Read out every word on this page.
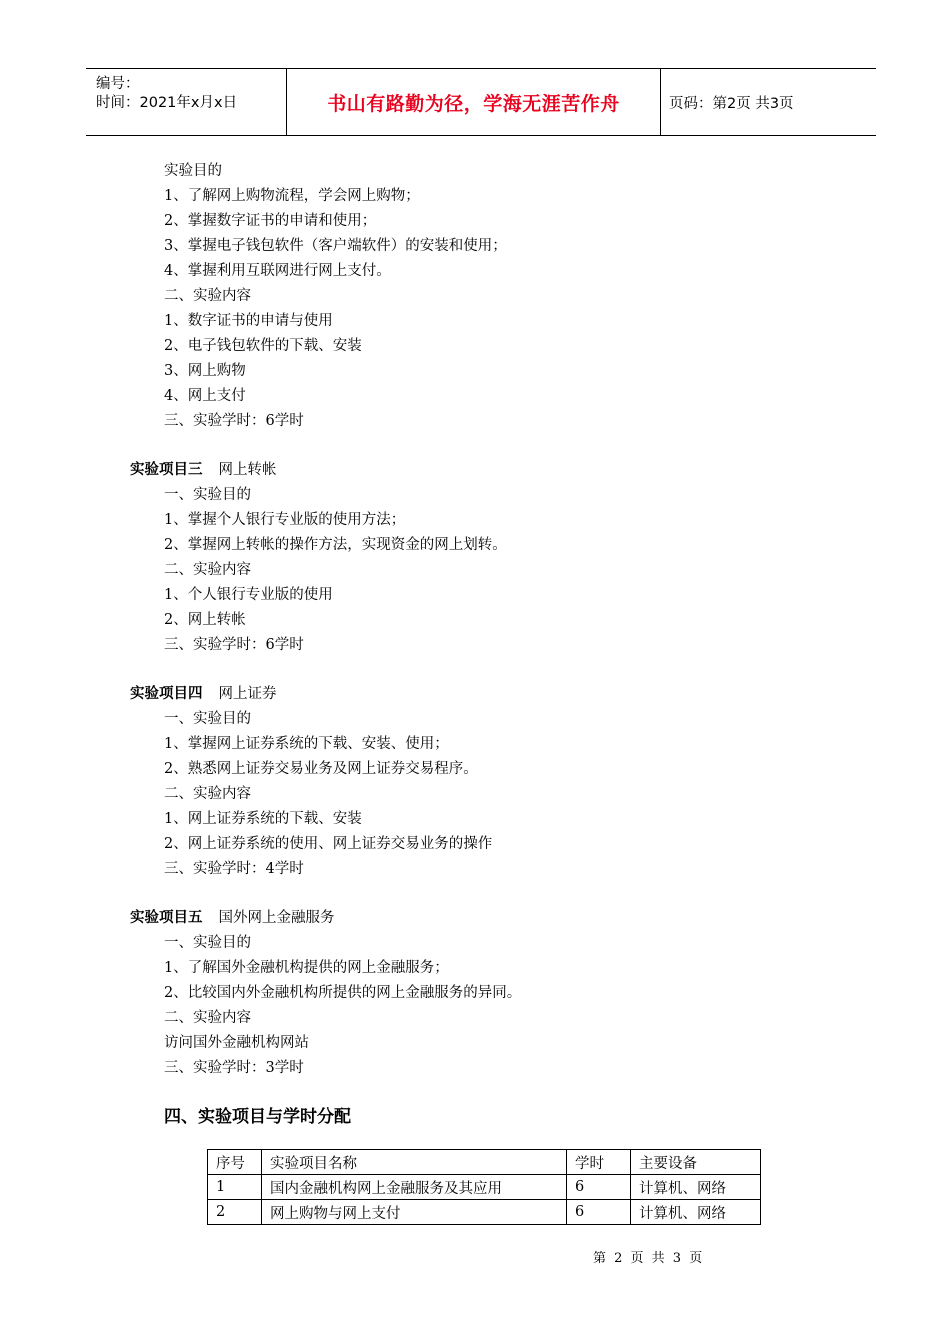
编号：
时间：2021年x月x日	书山有路勤为径，学海无涯苦作舟	页码：第2页 共3页
实验目的
1、了解网上购物流程，学会网上购物；
2、掌握数字证书的申请和使用；
3、掌握电子钱包软件（客户端软件）的安装和使用；
4、掌握利用互联网进行网上支付。
二、实验内容
1、数字证书的申请与使用
2、电子钱包软件的下载、安装
3、网上购物
4、网上支付
三、实验学时：6学时
实验项目三 网上转帐
一、实验目的
1、掌握个人银行专业版的使用方法；
2、掌握网上转帐的操作方法，实现资金的网上划转。
二、实验内容
1、个人银行专业版的使用
2、网上转帐
三、实验学时：6学时
实验项目四 网上证券
一、实验目的
1、掌握网上证券系统的下载、安装、使用；
2、熟悉网上证券交易业务及网上证券交易程序。
二、实验内容
1、网上证券系统的下载、安装
2、网上证券系统的使用、网上证券交易业务的操作
三、实验学时：4学时
实验项目五 国外网上金融服务
一、实验目的
1、了解国外金融机构提供的网上金融服务；
2、比较国内外金融机构所提供的网上金融服务的异同。
二、实验内容
访问国外金融机构网站
三、实验学时：3学时
四、实验项目与学时分配
序号	实验项目名称	学时	主要设备
1	国内金融机构网上金融服务及其应用	6	计算机、网络
2	网上购物与网上支付	6	计算机、网络
第 2 页 共 3 页
